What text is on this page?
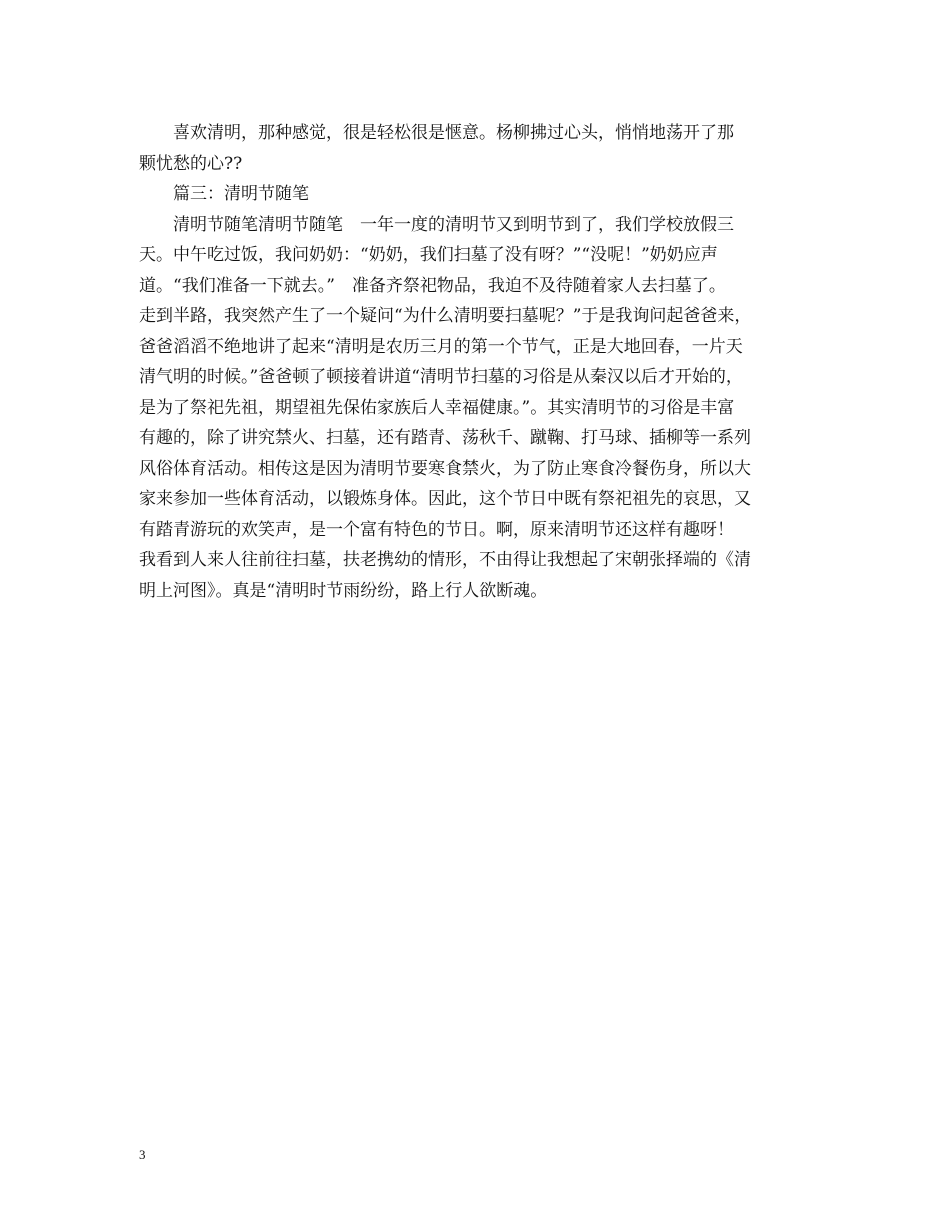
　　喜欢清明，那种感觉，很是轻松很是惬意。杨柳拂过心头，悄悄地荡开了那

颗忧愁的心??

　　篇三：清明节随笔

　　清明节随笔清明节随笔　一年一度的清明节又到明节到了，我们学校放假三

天。中午吃过饭，我问奶奶：“奶奶，我们扫墓了没有呀？”“没呢！”奶奶应声

道。“我们准备一下就去。”　准备齐祭祀物品，我迫不及待随着家人去扫墓了。

走到半路，我突然产生了一个疑问“为什么清明要扫墓呢？”于是我询问起爸爸来，

爸爸滔滔不绝地讲了起来“清明是农历三月的第一个节气，正是大地回春，一片天

清气明的时候。”爸爸顿了顿接着讲道“清明节扫墓的习俗是从秦汉以后才开始的，

是为了祭祀先祖，期望祖先保佑家族后人幸福健康。”。其实清明节的习俗是丰富

有趣的，除了讲究禁火、扫墓，还有踏青、荡秋千、蹴鞠、打马球、插柳等一系列

风俗体育活动。相传这是因为清明节要寒食禁火，为了防止寒食冷餐伤身，所以大

家来参加一些体育活动，以锻炼身体。因此，这个节日中既有祭祀祖先的哀思，又

有踏青游玩的欢笑声，是一个富有特色的节日。啊，原来清明节还这样有趣呀！

我看到人来人往前往扫墓，扶老携幼的情形，不由得让我想起了宋朝张择端的《清

明上河图》。真是“清明时节雨纷纷，路上行人欲断魂。

3
